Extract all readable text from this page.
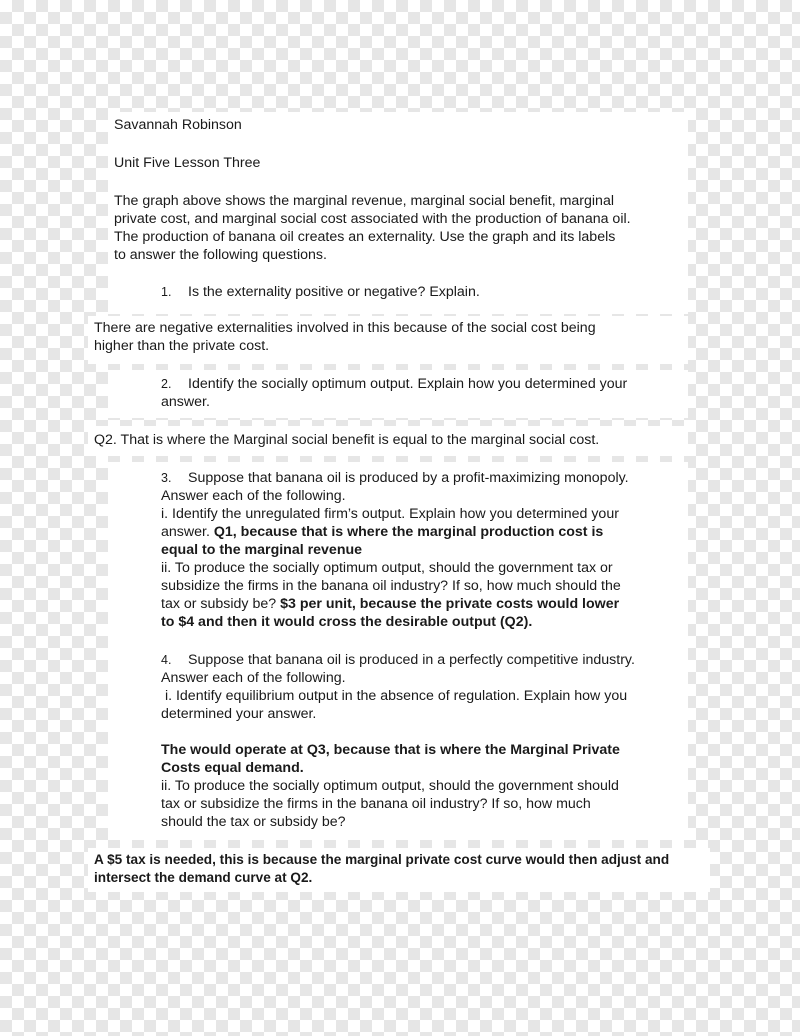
Savannah Robinson
Unit Five Lesson Three
The graph above shows the marginal revenue, marginal social benefit, marginal
private cost, and marginal social cost associated with the production of banana oil.
The production of banana oil creates an externality. Use the graph and its labels
to answer the following questions.
1. Is the externality positive or negative? Explain.
There are negative externalities involved in this because of the social cost being
higher than the private cost.
2. Identify the socially optimum output. Explain how you determined your
answer.
Q2. That is where the Marginal social benefit is equal to the marginal social cost.
3. Suppose that banana oil is produced by a profit-maximizing monopoly.
Answer each of the following.
i. Identify the unregulated firm’s output. Explain how you determined your
answer. Q1, because that is where the marginal production cost is
equal to the marginal revenue
ii. To produce the socially optimum output, should the government tax or
subsidize the firms in the banana oil industry? If so, how much should the
tax or subsidy be? $3 per unit, because the private costs would lower
to $4 and then it would cross the desirable output (Q2).
4. Suppose that banana oil is produced in a perfectly competitive industry.
Answer each of the following.
i. Identify equilibrium output in the absence of regulation. Explain how you
determined your answer.
The would operate at Q3, because that is where the Marginal Private
Costs equal demand.
ii. To produce the socially optimum output, should the government should
tax or subsidize the firms in the banana oil industry? If so, how much
should the tax or subsidy be?
A $5 tax is needed, this is because the marginal private cost curve would then adjust and
intersect the demand curve at Q2.
